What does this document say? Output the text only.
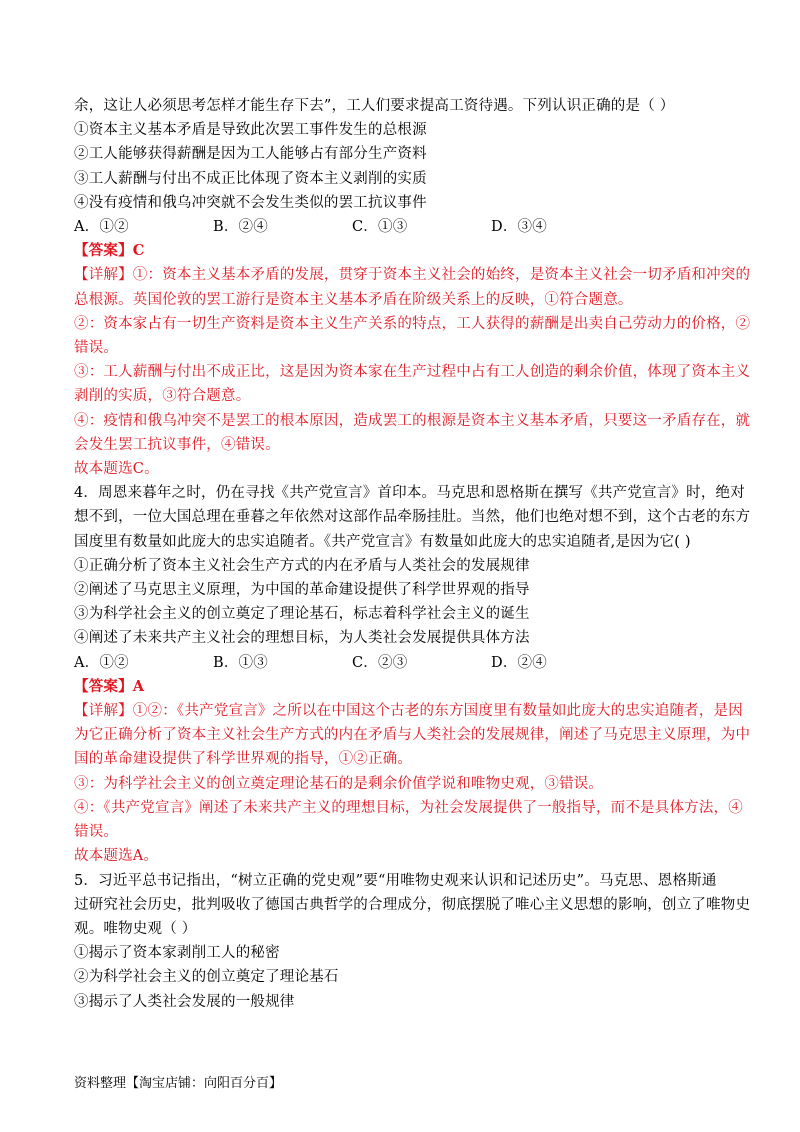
余，这让人必须思考怎样才能生存下去”，工人们要求提高工资待遇。下列认识正确的是（ ）
①资本主义基本矛盾是导致此次罢工事件发生的总根源
②工人能够获得薪酬是因为工人能够占有部分生产资料
③工人薪酬与付出不成正比体现了资本主义剥削的实质
④没有疫情和俄乌冲突就不会发生类似的罢工抗议事件
A．①②	B．②④	C．①③	D．③④
【答案】C
【详解】①：资本主义基本矛盾的发展，贯穿于资本主义社会的始终，是资本主义社会一切矛盾和冲突的
总根源。英国伦敦的罢工游行是资本主义基本矛盾在阶级关系上的反映，①符合题意。
②：资本家占有一切生产资料是资本主义生产关系的特点，工人获得的薪酬是出卖自己劳动力的价格，②
错误。
③：工人薪酬与付出不成正比，这是因为资本家在生产过程中占有工人创造的剩余价值，体现了资本主义
剥削的实质，③符合题意。
④：疫情和俄乌冲突不是罢工的根本原因，造成罢工的根源是资本主义基本矛盾，只要这一矛盾存在，就
会发生罢工抗议事件，④错误。
故本题选C。
4．周恩来暮年之时，仍在寻找《共产党宣言》首印本。马克思和恩格斯在撰写《共产党宣言》时，绝对
想不到，一位大国总理在垂暮之年依然对这部作品牵肠挂肚。当然，他们也绝对想不到，这个古老的东方
国度里有数量如此庞大的忠实追随者。《共产党宣言》有数量如此庞大的忠实追随者,是因为它( )
①正确分析了资本主义社会生产方式的内在矛盾与人类社会的发展规律
②阐述了马克思主义原理，为中国的革命建设提供了科学世界观的指导
③为科学社会主义的创立奠定了理论基石，标志着科学社会主义的诞生
④阐述了未来共产主义社会的理想目标，为人类社会发展提供具体方法
A．①②	B．①③	C．②③	D．②④
【答案】A
【详解】①②：《共产党宣言》之所以在中国这个古老的东方国度里有数量如此庞大的忠实追随者，是因
为它正确分析了资本主义社会生产方式的内在矛盾与人类社会的发展规律，阐述了马克思主义原理，为中
国的革命建设提供了科学世界观的指导，①②正确。
③：为科学社会主义的创立奠定理论基石的是剩余价值学说和唯物史观，③错误。
④：《共产党宣言》阐述了未来共产主义的理想目标，为社会发展提供了一般指导，而不是具体方法，④
错误。
故本题选A。
5．习近平总书记指出，“树立正确的党史观”要“用唯物史观来认识和记述历史”。马克思、恩格斯通
过研究社会历史，批判吸收了德国古典哲学的合理成分，彻底摆脱了唯心主义思想的影响，创立了唯物史
观。唯物史观（ ）
①揭示了资本家剥削工人的秘密
②为科学社会主义的创立奠定了理论基石
③揭示了人类社会发展的一般规律
资料整理【淘宝店铺：向阳百分百】
